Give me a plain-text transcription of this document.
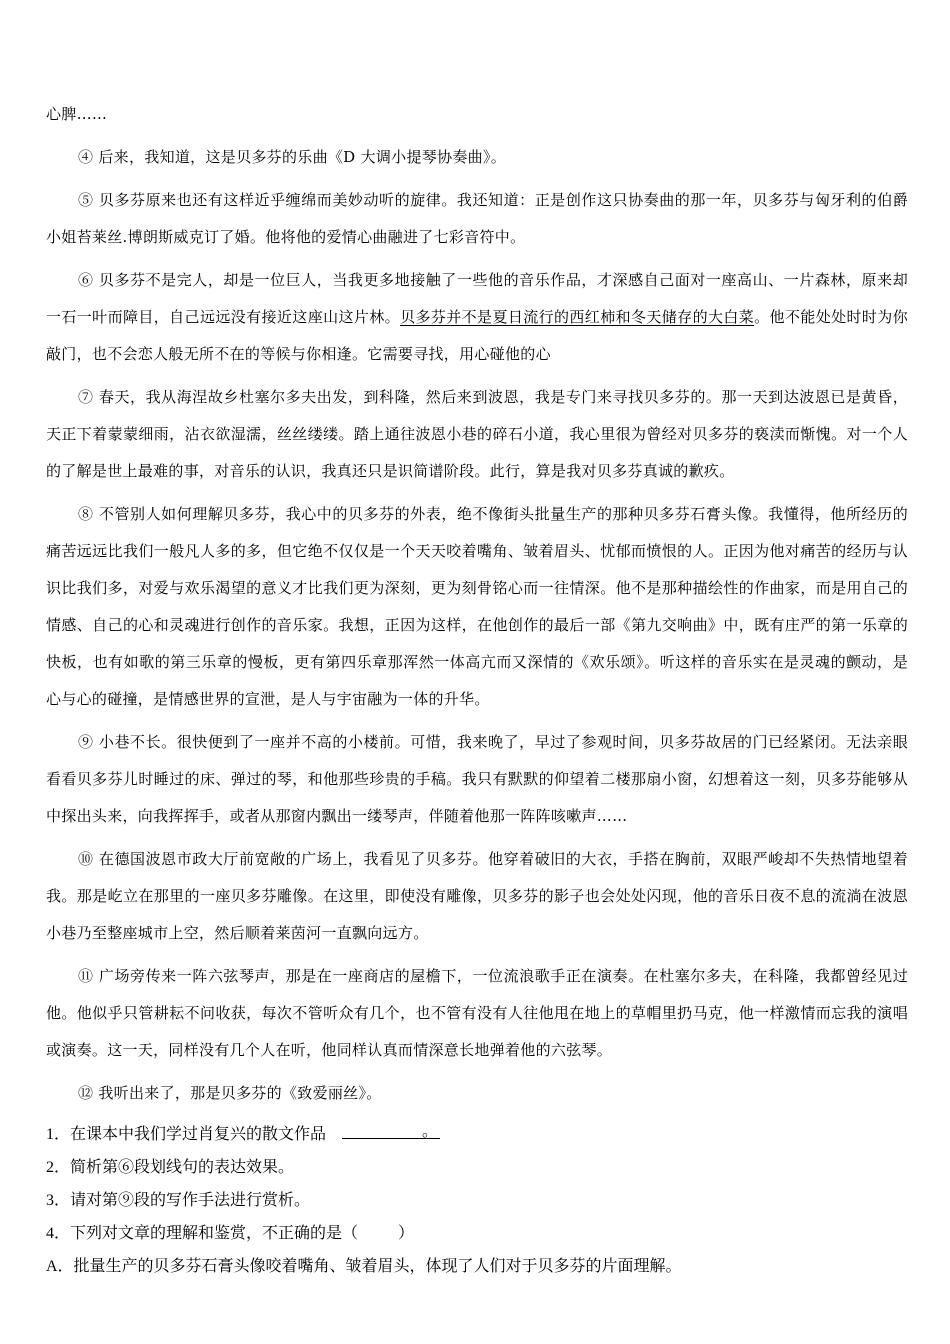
心脾……

④ 后来，我知道，这是贝多芬的乐曲《D 大调小提琴协奏曲》。

⑤ 贝多芬原来也还有这样近乎缠绵而美妙动听的旋律。我还知道：正是创作这只协奏曲的那一年，贝多芬与匈牙利的伯爵小姐苔莱丝.博朗斯威克订了婚。他将他的爱情心曲融进了七彩音符中。

⑥ 贝多芬不是完人，却是一位巨人，当我更多地接触了一些他的音乐作品，才深感自己面对一座高山、一片森林，原来却一石一叶而障目，自己远远没有接近这座山这片林。贝多芬并不是夏日流行的西红柿和冬天储存的大白菜。他不能处处时时为你敲门，也不会恋人般无所不在的等候与你相逢。它需要寻找，用心碰他的心

⑦ 春天，我从海涅故乡杜塞尔多夫出发，到科隆，然后来到波恩，我是专门来寻找贝多芬的。那一天到达波恩已是黄昏，天正下着蒙蒙细雨，沾衣欲湿濡，丝丝缕缕。踏上通往波恩小巷的碎石小道，我心里很为曾经对贝多芬的亵渎而惭愧。对一个人的了解是世上最难的事，对音乐的认识，我真还只是识简谱阶段。此行，算是我对贝多芬真诚的歉疚。

⑧ 不管别人如何理解贝多芬，我心中的贝多芬的外表，绝不像街头批量生产的那种贝多芬石膏头像。我懂得，他所经历的痛苦远远比我们一般凡人多的多，但它绝不仅仅是一个天天咬着嘴角、皱着眉头、忧郁而愤恨的人。正因为他对痛苦的经历与认识比我们多，对爱与欢乐渴望的意义才比我们更为深刻，更为刻骨铭心而一往情深。他不是那种描绘性的作曲家，而是用自己的情感、自己的心和灵魂进行创作的音乐家。我想，正因为这样，在他创作的最后一部《第九交响曲》中，既有庄严的第一乐章的快板，也有如歌的第三乐章的慢板，更有第四乐章那浑然一体高亢而又深情的《欢乐颂》。听这样的音乐实在是灵魂的颤动，是心与心的碰撞，是情感世界的宣泄，是人与宇宙融为一体的升华。

⑨ 小巷不长。很快便到了一座并不高的小楼前。可惜，我来晚了，早过了参观时间，贝多芬故居的门已经紧闭。无法亲眼看看贝多芬儿时睡过的床、弹过的琴，和他那些珍贵的手稿。我只有默默的仰望着二楼那扇小窗，幻想着这一刻，贝多芬能够从中探出头来，向我挥挥手，或者从那窗内飘出一缕琴声，伴随着他那一阵阵咳嗽声……

⑩ 在德国波恩市政大厅前宽敞的广场上，我看见了贝多芬。他穿着破旧的大衣，手搭在胸前，双眼严峻却不失热情地望着我。那是屹立在那里的一座贝多芬雕像。在这里，即使没有雕像，贝多芬的影子也会处处闪现，他的音乐日夜不息的流淌在波恩小巷乃至整座城市上空，然后顺着莱茵河一直飘向远方。

⑪ 广场旁传来一阵六弦琴声，那是在一座商店的屋檐下，一位流浪歌手正在演奏。在杜塞尔多夫，在科隆，我都曾经见过他。他似乎只管耕耘不问收获，每次不管听众有几个，也不管有没有人往他甩在地上的草帽里扔马克，他一样激情而忘我的演唱或演奏。这一天，同样没有几个人在听，他同样认真而情深意长地弹着他的六弦琴。

⑫ 我听出来了，那是贝多芬的《致爱丽丝》。

1．在课本中我们学过肖复兴的散文作品	。

2．简析第⑥段划线句的表达效果。

3．请对第⑨段的写作手法进行赏析。

4．下列对文章的理解和鉴赏，不正确的是（	）

A．批量生产的贝多芬石膏头像咬着嘴角、皱着眉头，体现了人们对于贝多芬的片面理解。
